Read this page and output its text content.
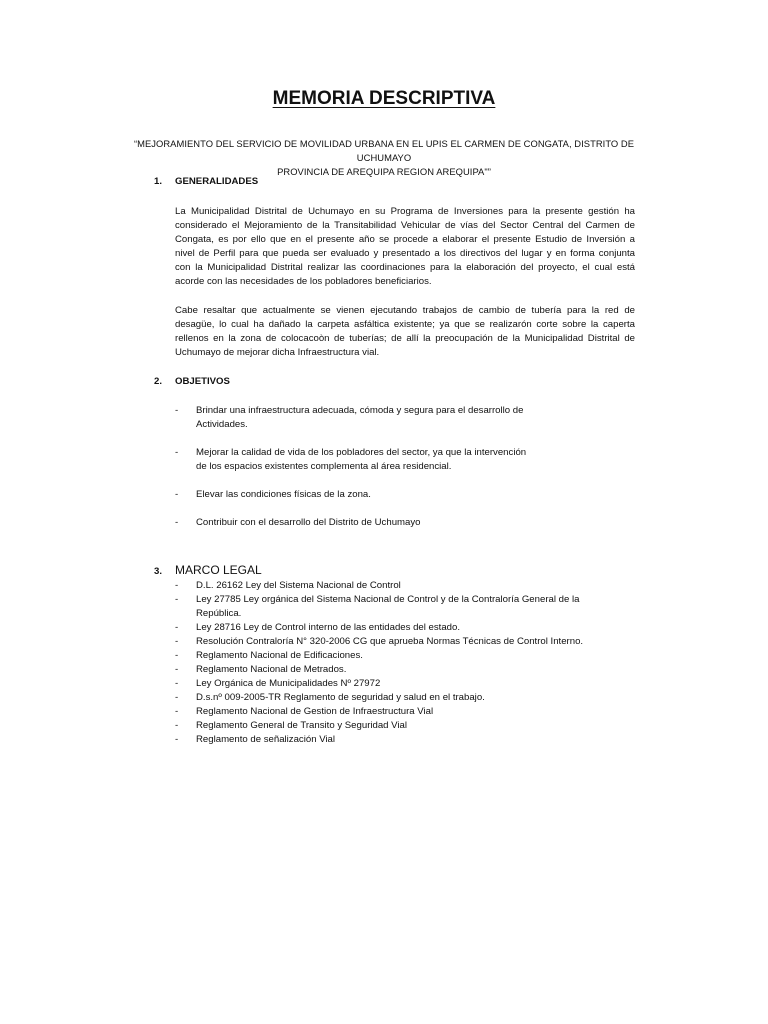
MEMORIA DESCRIPTIVA
“MEJORAMIENTO DEL SERVICIO DE MOVILIDAD URBANA EN EL UPIS EL CARMEN DE CONGATA, DISTRITO DE UCHUMAYO
PROVINCIA DE AREQUIPA REGION AREQUIPA"”
1. GENERALIDADES
La Municipalidad Distrital de Uchumayo en su Programa de Inversiones para la presente gestión ha
considerado el Mejoramiento de la Transitabilidad Vehicular de vías del Sector Central del Carmen de
Congata, es por ello que en el presente año se procede a elaborar el presente Estudio de Inversión a
nivel de Perfil para que pueda ser evaluado y presentado a los directivos del lugar y en forma conjunta
con la Municipalidad Distrital realizar las coordinaciones para la elaboración del proyecto, el cual está
acorde con las necesidades de los pobladores beneficiarios.
Cabe resaltar que actualmente se vienen ejecutando trabajos de cambio de tubería para la red de
desagüe, lo cual ha dañado la carpeta asfáltica existente; ya que se realizarón corte sobre la caperta
rellenos en la zona de colocacoòn de tuberías; de allí la preocupación de la Municipalidad Distrital de
Uchumayo de mejorar dicha Infraestructura vial.
2. OBJETIVOS
- Brindar una infraestructura adecuada, cómoda y segura para el desarrollo de
Actividades.
- Mejorar la calidad de vida de los pobladores del sector, ya que la intervención
de los espacios existentes complementa al área residencial.
- Elevar las condiciones físicas de la zona.
- Contribuir con el desarrollo del Distrito de Uchumayo
3. MARCO LEGAL
- D.L. 26162 Ley del Sistema Nacional de Control
- Ley 27785 Ley orgánica del Sistema Nacional de Control y de la Contraloría General de la
República.
- Ley 28716 Ley de Control interno de las entidades del estado.
- Resolución Contraloría N° 320-2006 CG que aprueba Normas Técnicas de Control Interno.
- Reglamento Nacional de Edificaciones.
- Reglamento Nacional de Metrados.
- Ley Orgánica de Municipalidades Nº 27972
- D.s.nº 009-2005-TR Reglamento de seguridad y salud en el trabajo.
- Reglamento Nacional de Gestion de Infraestructura Vial
- Reglamento General de Transito y Seguridad Vial
- Reglamento de señalización Vial
